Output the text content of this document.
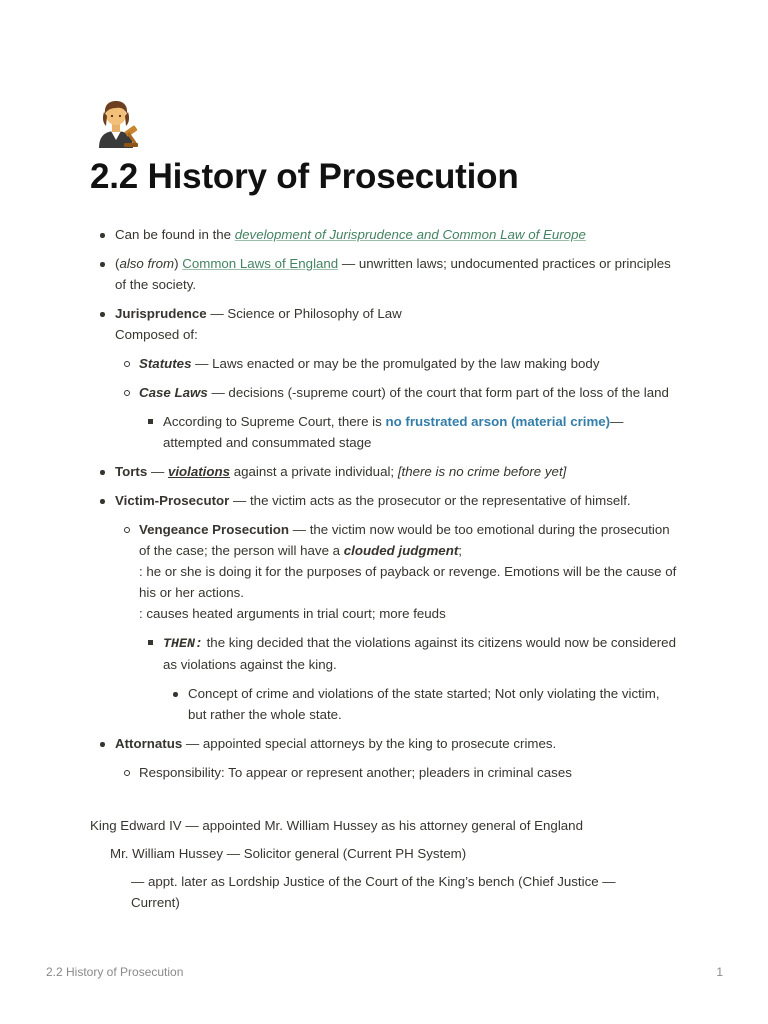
2.2 History of Prosecution
Can be found in the development of Jurisprudence and Common Law of Europe
(also from) Common Laws of England — unwritten laws; undocumented practices or principles of the society.
Jurisprudence — Science or Philosophy of Law
Composed of:
Statutes — Laws enacted or may be the promulgated by the law making body
Case Laws — decisions (-supreme court) of the court that form part of the loss of the land
According to Supreme Court, there is no frustrated arson (material crime)— attempted and consummated stage
Torts — violations against a private individual; [there is no crime before yet]
Victim-Prosecutor — the victim acts as the prosecutor or the representative of himself.
Vengeance Prosecution — the victim now would be too emotional during the prosecution of the case; the person will have a clouded judgment;
: he or she is doing it for the purposes of payback or revenge. Emotions will be the cause of his or her actions.
: causes heated arguments in trial court; more feuds
THEN: the king decided that the violations against its citizens would now be considered as violations against the king.
Concept of crime and violations of the state started; Not only violating the victim, but rather the whole state.
Attornatus — appointed special attorneys by the king to prosecute crimes.
Responsibility: To appear or represent another; pleaders in criminal cases
King Edward IV — appointed Mr. William Hussey as his attorney general of England
Mr. William Hussey — Solicitor general (Current PH System)
— appt. later as Lordship Justice of the Court of the King’s bench (Chief Justice — Current)
2.2 History of Prosecution	1
